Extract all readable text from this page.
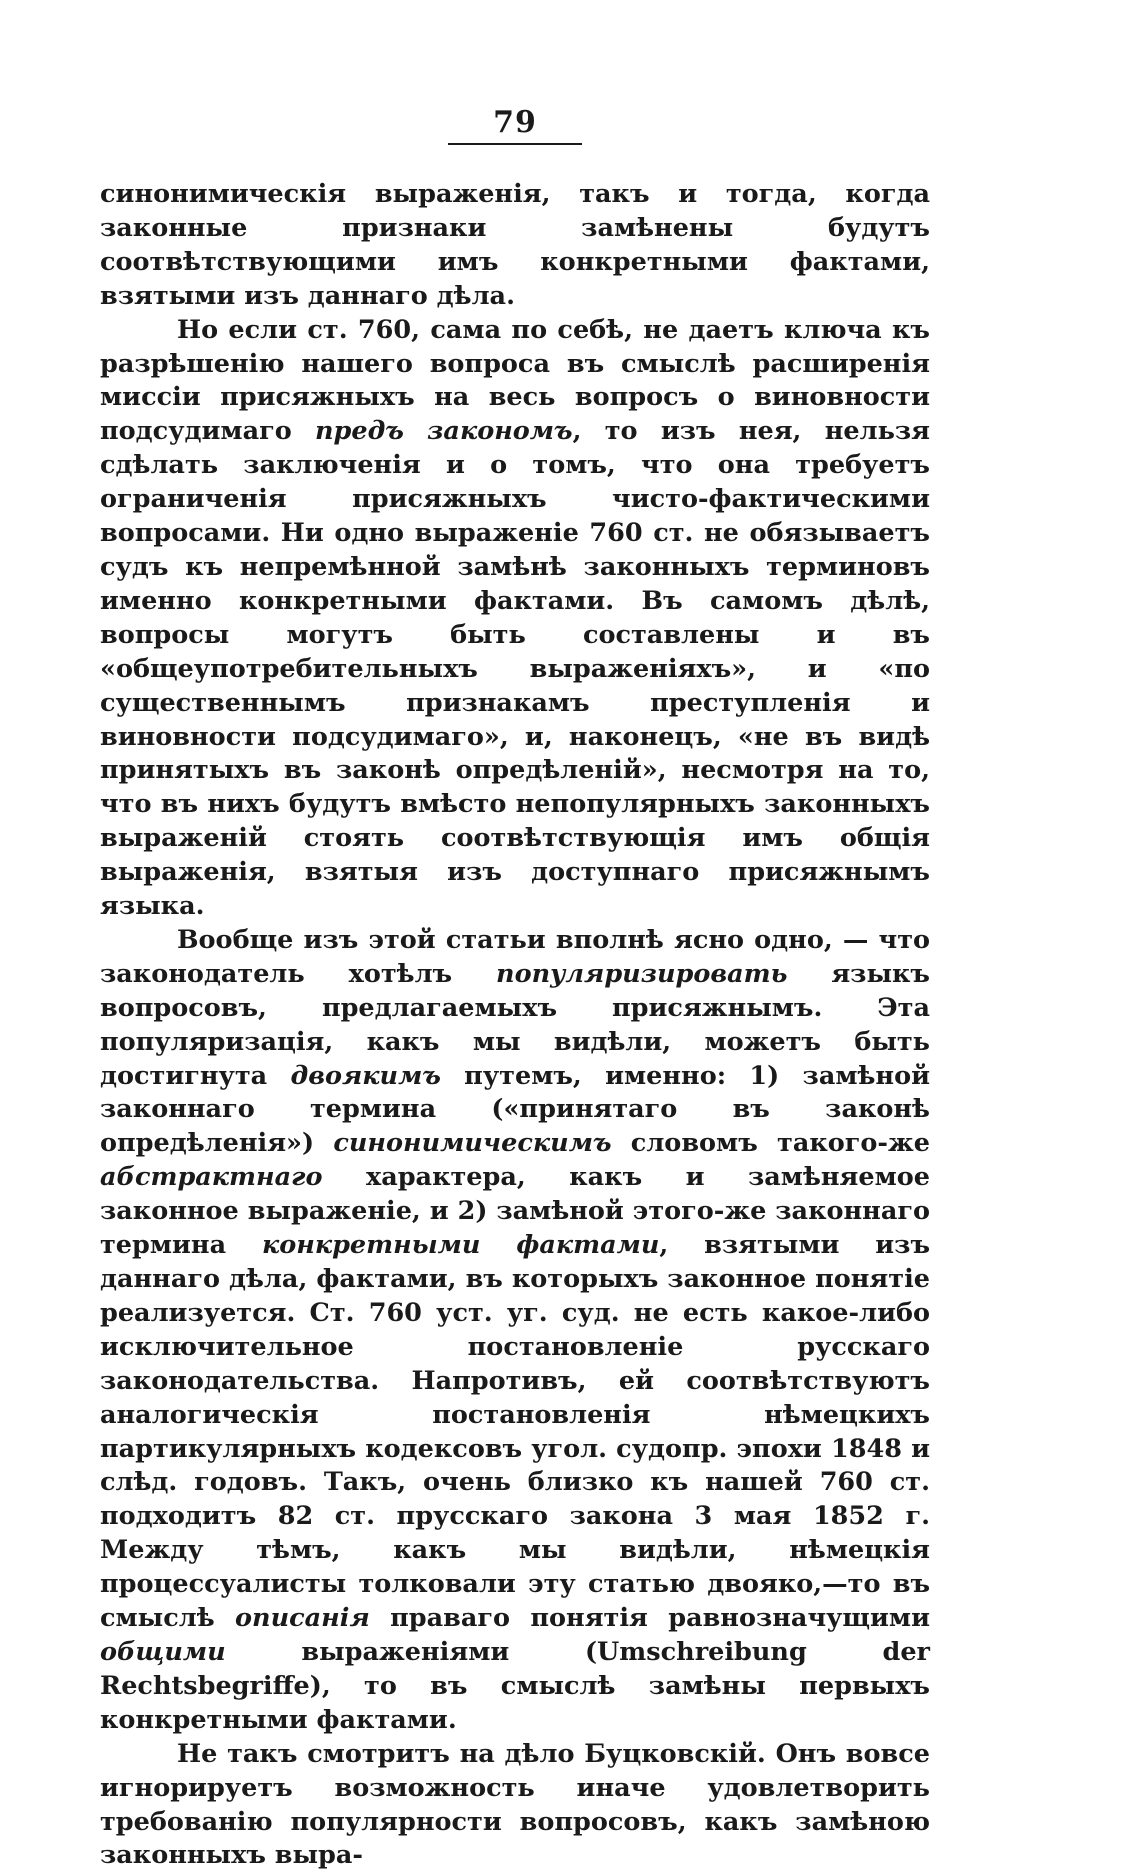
79

синонимическія выраженія, такъ и тогда, когда законные признаки замѣнены будутъ соотвѣтствующими имъ конкретными фактами, взятыми изъ даннаго дѣла.

Но если ст. 760, сама по себѣ, не даетъ ключа къ разрѣшенію нашего вопроса въ смыслѣ расширенія миссіи присяжныхъ на весь вопросъ о виновности подсудимаго предъ закономъ, то изъ нея, нельзя сдѣлать заключенія и о томъ, что она требуетъ ограниченія присяжныхъ чисто-фактическими вопросами. Ни одно выраженіе 760 ст. не обязываетъ судъ къ непремѣнной замѣнѣ законныхъ терминовъ именно конкретными фактами. Въ самомъ дѣлѣ, вопросы могутъ быть составлены и въ «общеупотребительныхъ выраженіяхъ», и «по существеннымъ признакамъ преступленія и виновности подсудимаго», и, наконецъ, «не въ видѣ принятыхъ въ законѣ опредѣленій», несмотря на то, что въ нихъ будутъ вмѣсто непопулярныхъ законныхъ выраженій стоять соотвѣтствующія имъ общія выраженія, взятыя изъ доступнаго присяжнымъ языка.

Вообще изъ этой статьи вполнѣ ясно одно, — что законодатель хотѣлъ популяризировать языкъ вопросовъ, предлагаемыхъ присяжнымъ. Эта популяризація, какъ мы видѣли, можетъ быть достигнута двоякимъ путемъ, именно: 1) замѣной законнаго термина («принятаго въ законѣ опредѣленія») синонимическимъ словомъ такого-же абстрактнаго характера, какъ и замѣняемое законное выраженіе, и 2) замѣной этого-же законнаго термина конкретными фактами, взятыми изъ даннаго дѣла, фактами, въ которыхъ законное понятіе реализуется. Ст. 760 уст. уг. суд. не есть какое-либо исключительное постановленіе русскаго законодательства. Напротивъ, ей соотвѣтствуютъ аналогическія постановленія нѣмецкихъ партикулярныхъ кодексовъ угол. судопр. эпохи 1848 и слѣд. годовъ. Такъ, очень близко къ нашей 760 ст. подходитъ 82 ст. прусскаго закона 3 мая 1852 г. Между тѣмъ, какъ мы видѣли, нѣмецкія процессуалисты толковали эту статью двояко,—то въ смыслѣ описанія праваго понятія равнозначущими общими выраженіями (Umschreibung der Rechtsbegriffe), то въ смыслѣ замѣны первыхъ конкретными фактами.

Не такъ смотритъ на дѣло Буцковскій. Онъ вовсе игнорируетъ возможность иначе удовлетворить требованію популярности вопросовъ, какъ замѣною законныхъ выра-
